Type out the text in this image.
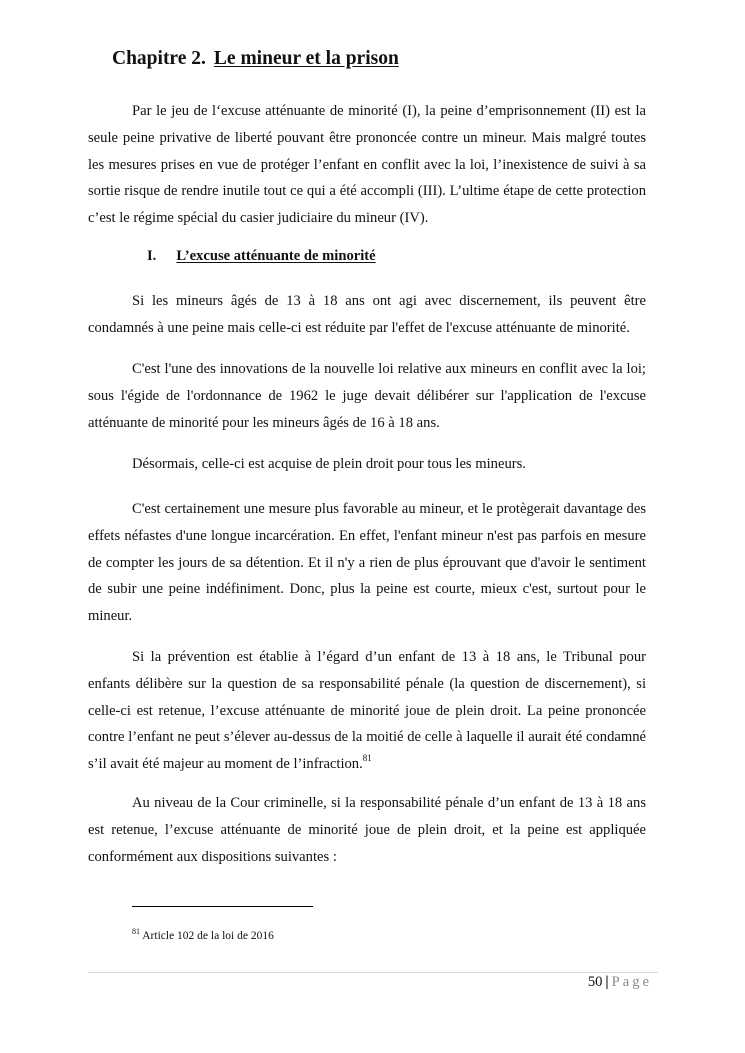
Chapitre 2. Le mineur et la prison

Par le jeu de l‘excuse atténuante de minorité (I), la peine d’emprisonnement (II) est la seule peine privative de liberté pouvant être prononcée contre un mineur. Mais malgré toutes les mesures prises en vue de protéger l’enfant en conflit avec la loi, l’inexistence de suivi à sa sortie risque de rendre inutile tout ce qui a été accompli (III). L’ultime étape de cette protection c’est le régime spécial du casier judiciaire du mineur (IV).

I. L’excuse atténuante de minorité

Si les mineurs âgés de 13 à 18 ans ont agi avec discernement, ils peuvent être condamnés à une peine mais celle-ci est réduite par l'effet de l'excuse atténuante de minorité.

C'est l'une des innovations de la nouvelle loi relative aux mineurs en conflit avec la loi; sous l'égide de l'ordonnance de 1962 le juge devait délibérer sur l'application de l'excuse atténuante de minorité pour les mineurs âgés de 16 à 18 ans.

Désormais, celle-ci est acquise de plein droit pour tous les mineurs.

C'est certainement une mesure plus favorable au mineur, et le protègerait davantage des effets néfastes d'une longue incarcération. En effet, l'enfant mineur n'est pas parfois en mesure de compter les jours de sa détention. Et il n'y a rien de plus éprouvant que d'avoir le sentiment de subir une peine indéfiniment. Donc, plus la peine est courte, mieux c'est, surtout pour le mineur.

Si la prévention est établie à l’égard d’un enfant de 13 à 18 ans, le Tribunal pour enfants délibère sur la question de sa responsabilité pénale (la question de discernement), si celle-ci est retenue, l’excuse atténuante de minorité joue de plein droit. La peine prononcée contre l’enfant ne peut s’élever au-dessus de la moitié de celle à laquelle il aurait été condamné s’il avait été majeur au moment de l’infraction.$^{81}$

Au niveau de la Cour criminelle, si la responsabilité pénale d’un enfant de 13 à 18 ans est retenue, l’excuse atténuante de minorité joue de plein droit, et la peine est appliquée conformément aux dispositions suivantes :

$^{81}$ Article 102 de la loi de 2016

50 | Page
